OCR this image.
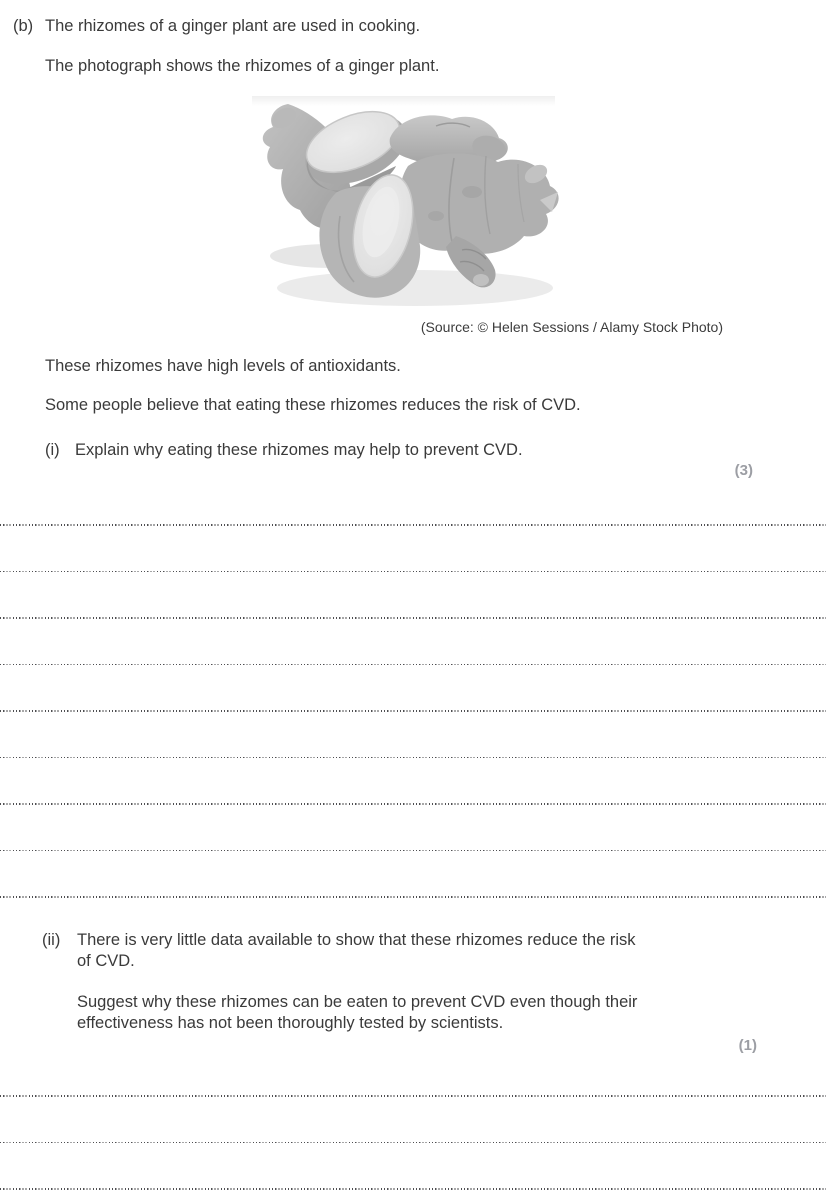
(b) The rhizomes of a ginger plant are used in cooking.
The photograph shows the rhizomes of a ginger plant.
(Source: © Helen Sessions / Alamy Stock Photo)
These rhizomes have high levels of antioxidants.
Some people believe that eating these rhizomes reduces the risk of CVD.
(i) Explain why eating these rhizomes may help to prevent CVD.
(3)
(ii) There is very little data available to show that these rhizomes reduce the risk
of CVD.
Suggest why these rhizomes can be eaten to prevent CVD even though their
effectiveness has not been thoroughly tested by scientists.
(1)
